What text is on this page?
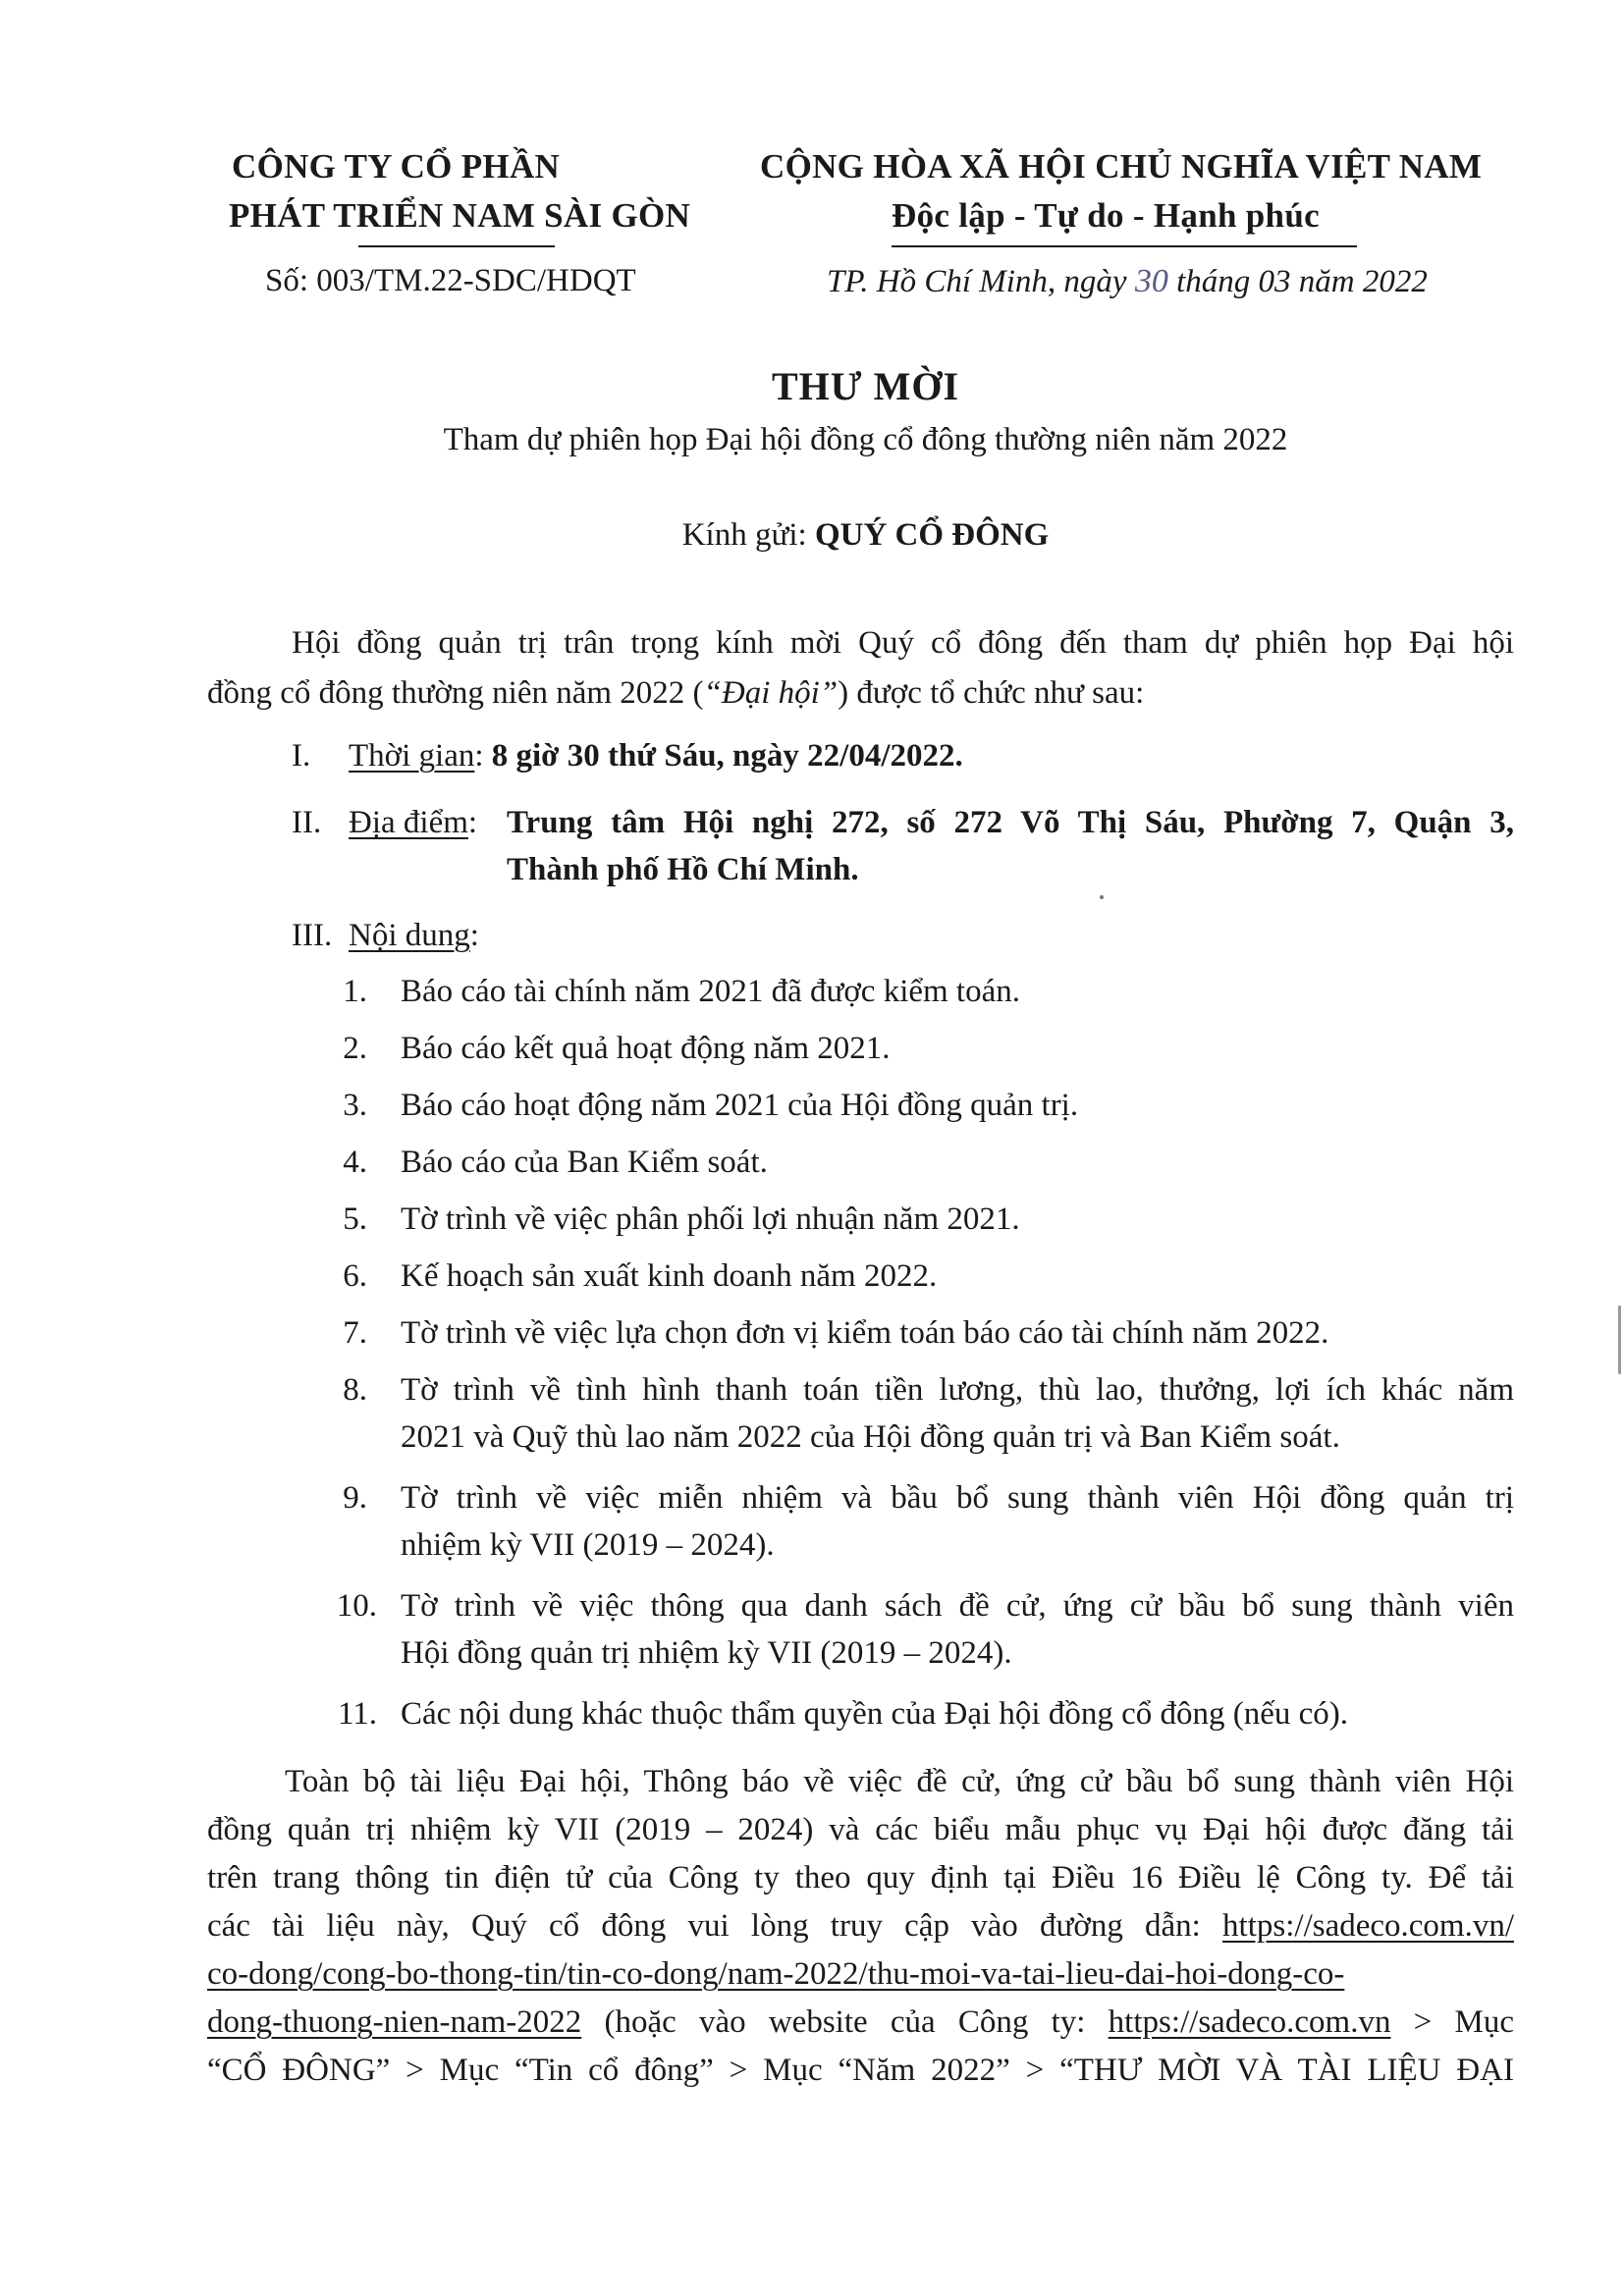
CÔNG TY CỔ PHẦN
PHÁT TRIỂN NAM SÀI GÒN
Số: 003/TM.22-SDC/HDQT
CỘNG HÒA XÃ HỘI CHỦ NGHĨA VIỆT NAM
Độc lập - Tự do - Hạnh phúc
TP. Hồ Chí Minh, ngày 30 tháng 03 năm 2022
THƯ MỜI
Tham dự phiên họp Đại hội đồng cổ đông thường niên năm 2022
Kính gửi: QUÝ CỔ ĐÔNG
Hội đồng quản trị trân trọng kính mời Quý cổ đông đến tham dự phiên họp Đại hội
đồng cổ đông thường niên năm 2022 (“Đại hội”) được tổ chức như sau:
I. Thời gian: 8 giờ 30 thứ Sáu, ngày 22/04/2022.
II. Địa điểm: Trung tâm Hội nghị 272, số 272 Võ Thị Sáu, Phường 7, Quận 3,
Thành phố Hồ Chí Minh.
III. Nội dung:
1. Báo cáo tài chính năm 2021 đã được kiểm toán.
2. Báo cáo kết quả hoạt động năm 2021.
3. Báo cáo hoạt động năm 2021 của Hội đồng quản trị.
4. Báo cáo của Ban Kiểm soát.
5. Tờ trình về việc phân phối lợi nhuận năm 2021.
6. Kế hoạch sản xuất kinh doanh năm 2022.
7. Tờ trình về việc lựa chọn đơn vị kiểm toán báo cáo tài chính năm 2022.
8. Tờ trình về tình hình thanh toán tiền lương, thù lao, thưởng, lợi ích khác năm
2021 và Quỹ thù lao năm 2022 của Hội đồng quản trị và Ban Kiểm soát.
9. Tờ trình về việc miễn nhiệm và bầu bổ sung thành viên Hội đồng quản trị
nhiệm kỳ VII (2019 – 2024).
10. Tờ trình về việc thông qua danh sách đề cử, ứng cử bầu bổ sung thành viên
Hội đồng quản trị nhiệm kỳ VII (2019 – 2024).
11. Các nội dung khác thuộc thẩm quyền của Đại hội đồng cổ đông (nếu có).
Toàn bộ tài liệu Đại hội, Thông báo về việc đề cử, ứng cử bầu bổ sung thành viên Hội
đồng quản trị nhiệm kỳ VII (2019 – 2024) và các biểu mẫu phục vụ Đại hội được đăng tải
trên trang thông tin điện tử của Công ty theo quy định tại Điều 16 Điều lệ Công ty. Để tải
các tài liệu này, Quý cổ đông vui lòng truy cập vào đường dẫn: https://sadeco.com.vn/
co-dong/cong-bo-thong-tin/tin-co-dong/nam-2022/thu-moi-va-tai-lieu-dai-hoi-dong-co-
dong-thuong-nien-nam-2022 (hoặc vào website của Công ty: https://sadeco.com.vn > Mục
“CỔ ĐÔNG” > Mục “Tin cổ đông” > Mục “Năm 2022” > “THƯ MỜI VÀ TÀI LIỆU ĐẠI
